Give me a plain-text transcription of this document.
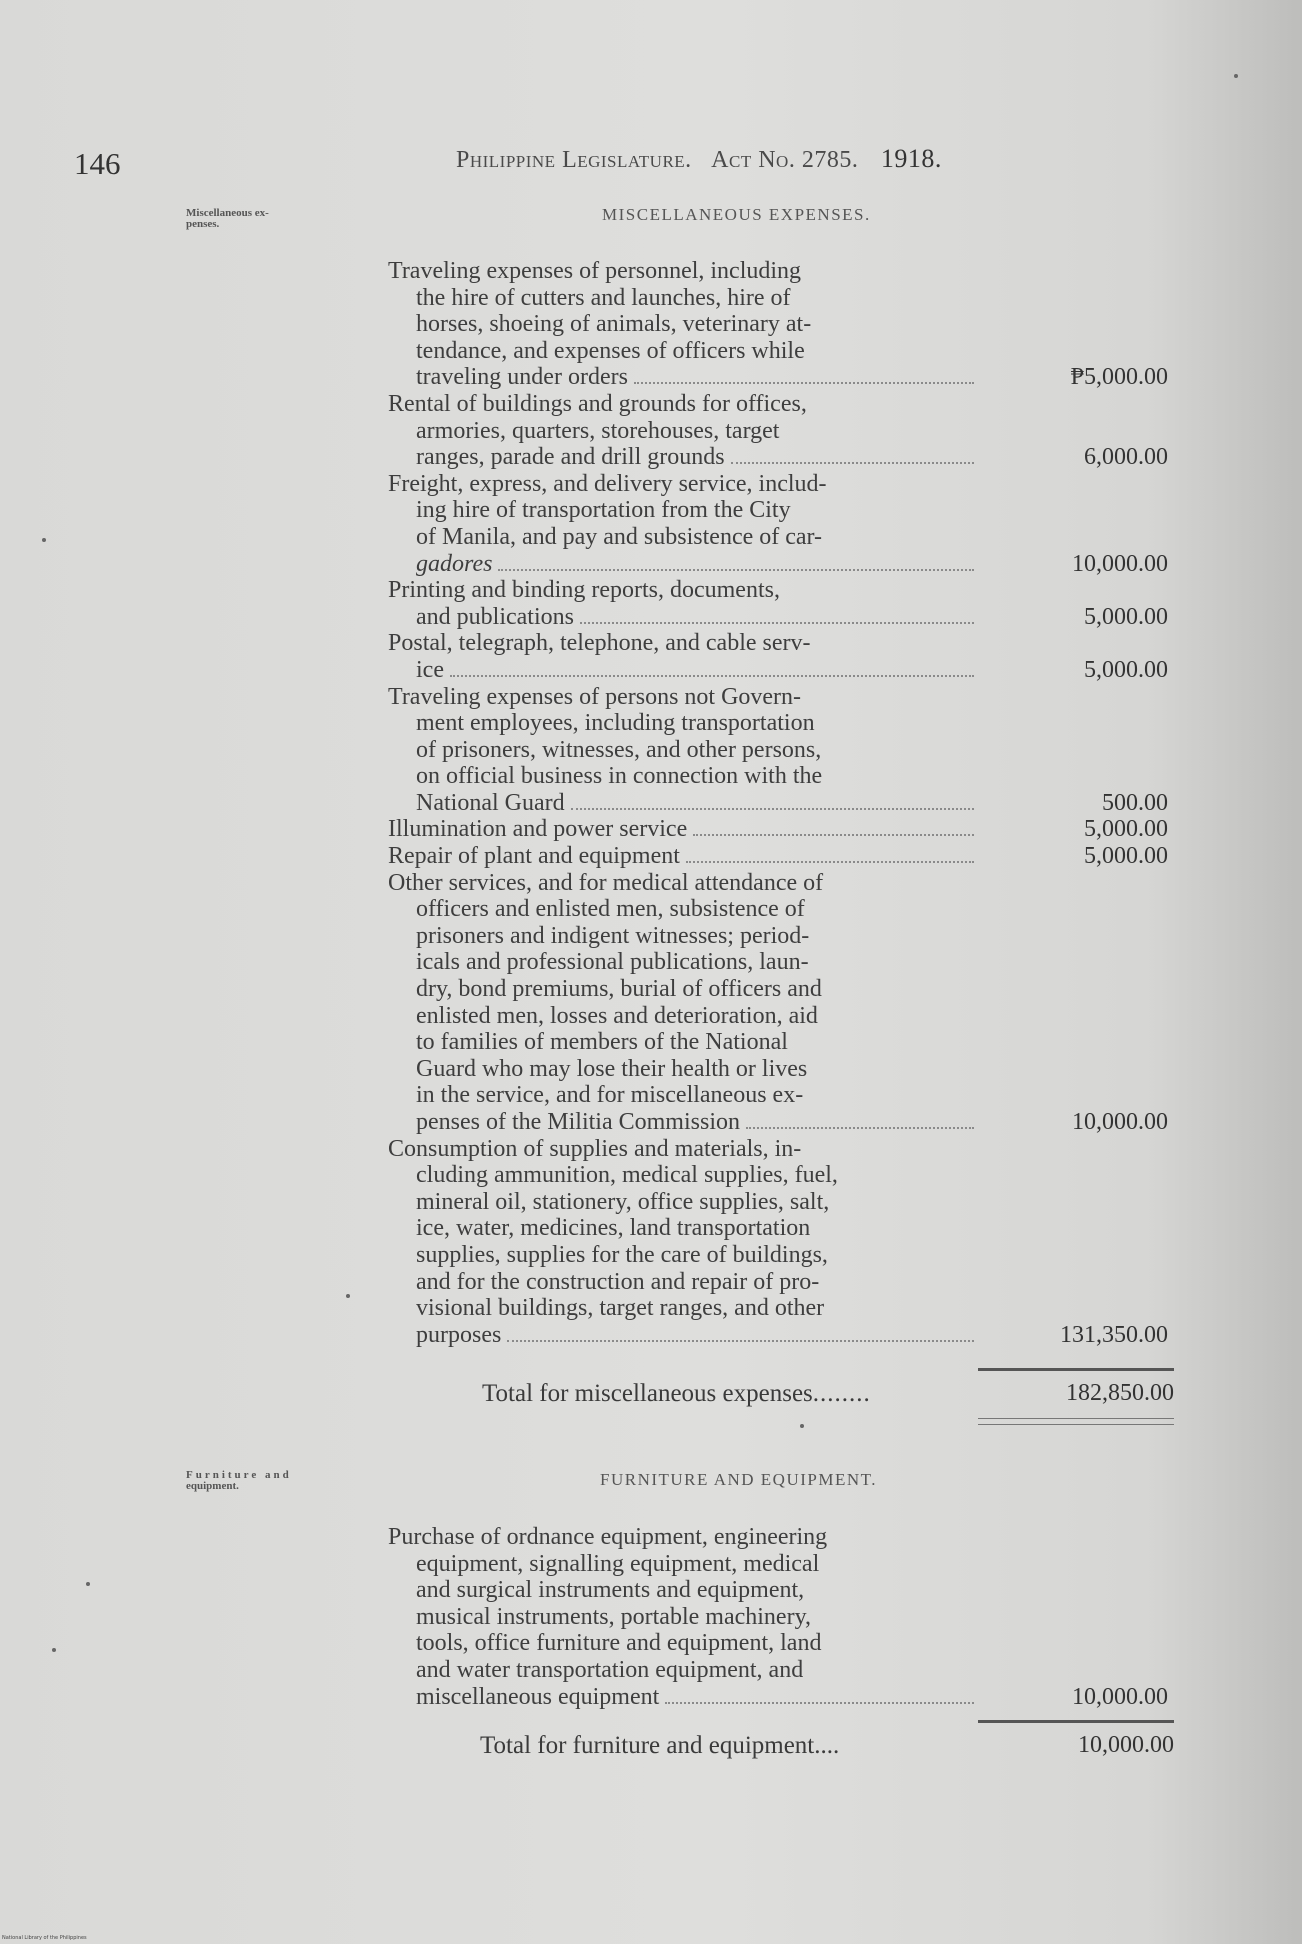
146	Philippine Legislature. Act No. 2785. 1918.
Miscellaneous ex-
penses.	MISCELLANEOUS EXPENSES.
Traveling expenses of personnel, including
the hire of cutters and launches, hire of
horses, shoeing of animals, veterinary at-
tendance, and expenses of officers while
traveling under orders	₱5,000.00
Rental of buildings and grounds for offices,
armories, quarters, storehouses, target
ranges, parade and drill grounds	6,000.00
Freight, express, and delivery service, includ-
ing hire of transportation from the City
of Manila, and pay and subsistence of car-
gadores	10,000.00
Printing and binding reports, documents,
and publications	5,000.00
Postal, telegraph, telephone, and cable serv-
ice	5,000.00
Traveling expenses of persons not Govern-
ment employees, including transportation
of prisoners, witnesses, and other persons,
on official business in connection with the
National Guard	500.00
Illumination and power service	5,000.00
Repair of plant and equipment	5,000.00
Other services, and for medical attendance of
officers and enlisted men, subsistence of
prisoners and indigent witnesses; period-
icals and professional publications, laun-
dry, bond premiums, burial of officers and
enlisted men, losses and deterioration, aid
to families of members of the National
Guard who may lose their health or lives
in the service, and for miscellaneous ex-
penses of the Militia Commission	10,000.00
Consumption of supplies and materials, in-
cluding ammunition, medical supplies, fuel,
mineral oil, stationery, office supplies, salt,
ice, water, medicines, land transportation
supplies, supplies for the care of buildings,
and for the construction and repair of pro-
visional buildings, target ranges, and other
purposes	131,350.00
Total for miscellaneous expenses........	182,850.00
Furniture and
equipment.	FURNITURE AND EQUIPMENT.
Purchase of ordnance equipment, engineering
equipment, signalling equipment, medical
and surgical instruments and equipment,
musical instruments, portable machinery,
tools, office furniture and equipment, land
and water transportation equipment, and
miscellaneous equipment	10,000.00
Total for furniture and equipment....	10,000.00
National Library of the Philippines
